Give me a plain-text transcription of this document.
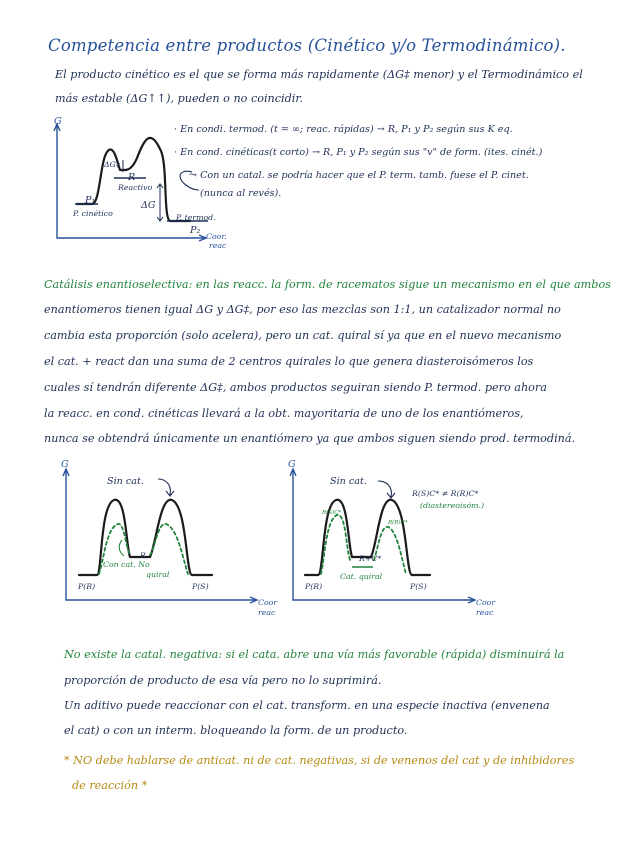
Competencia entre productos (Cinético y/o Termodinámico).
El producto cinético es el que se forma más rapidamente (ΔG‡ menor) y el Termodinámico el
más estable (ΔG↑↑), pueden o no coincidir.
G
Coor.
reac
ΔG‡
R
Reactivo
P₁
P. cinético
ΔG
P. termod.
P₂
· En condi. termod. (t = ∞; reac. rápidas) → R, P₁ y P₂ según sus K eq.
· En cond. cinéticas(t corto) → R, P₁ y P₂ según sus "v" de form. (ites. cinét.)
⤳ Con un catal. se podría hacer que el P. term. tamb. fuese el P. cinet.
(nunca al revés).
Catálisis enantioselectiva: en las reacc. la form. de racematos sigue un mecanismo en el que ambos
enantiomeros tienen igual ΔG y ΔG‡, por eso las mezclas son 1:1, un catalizador normal no
cambia esta proporción (solo acelera), pero un cat. quiral sí ya que en el nuevo mecanismo
el cat. + react dan una suma de 2 centros quirales lo que genera diasteroisómeros los
cuales sí tendrán diferente ΔG‡, ambos productos seguiran siendo P. termod. pero ahora
la reacc. en cond. cinéticas llevará a la obt. mayoritaria de uno de los enantiómeros,
nunca se obtendrá únicamente un enantiómero ya que ambos siguen siendo prod. termodiná.
G
Sin cat.
R
Con cat. No
quiral
P(R)	P(S)
Coor
reac
G
Sin cat.
R(S)C* ≠ R(R)C*
(diastereoisóm.)
R(S)C*
R(R)C*
R+C*
Cat. quiral
P(R)	P(S)
Coor
reac
No existe la catal. negativa: si el cata. abre una vía más favorable (rápida) disminuirá la
proporción de producto de esa vía pero no lo suprimirá.
Un aditivo puede reaccionar con el cat. transform. en una especie inactiva (envenena
el cat) o con un interm. bloqueando la form. de un producto.
* NO debe hablarse de anticat. ni de cat. negativas, si de venenos del cat y de inhibidores
de reacción *
